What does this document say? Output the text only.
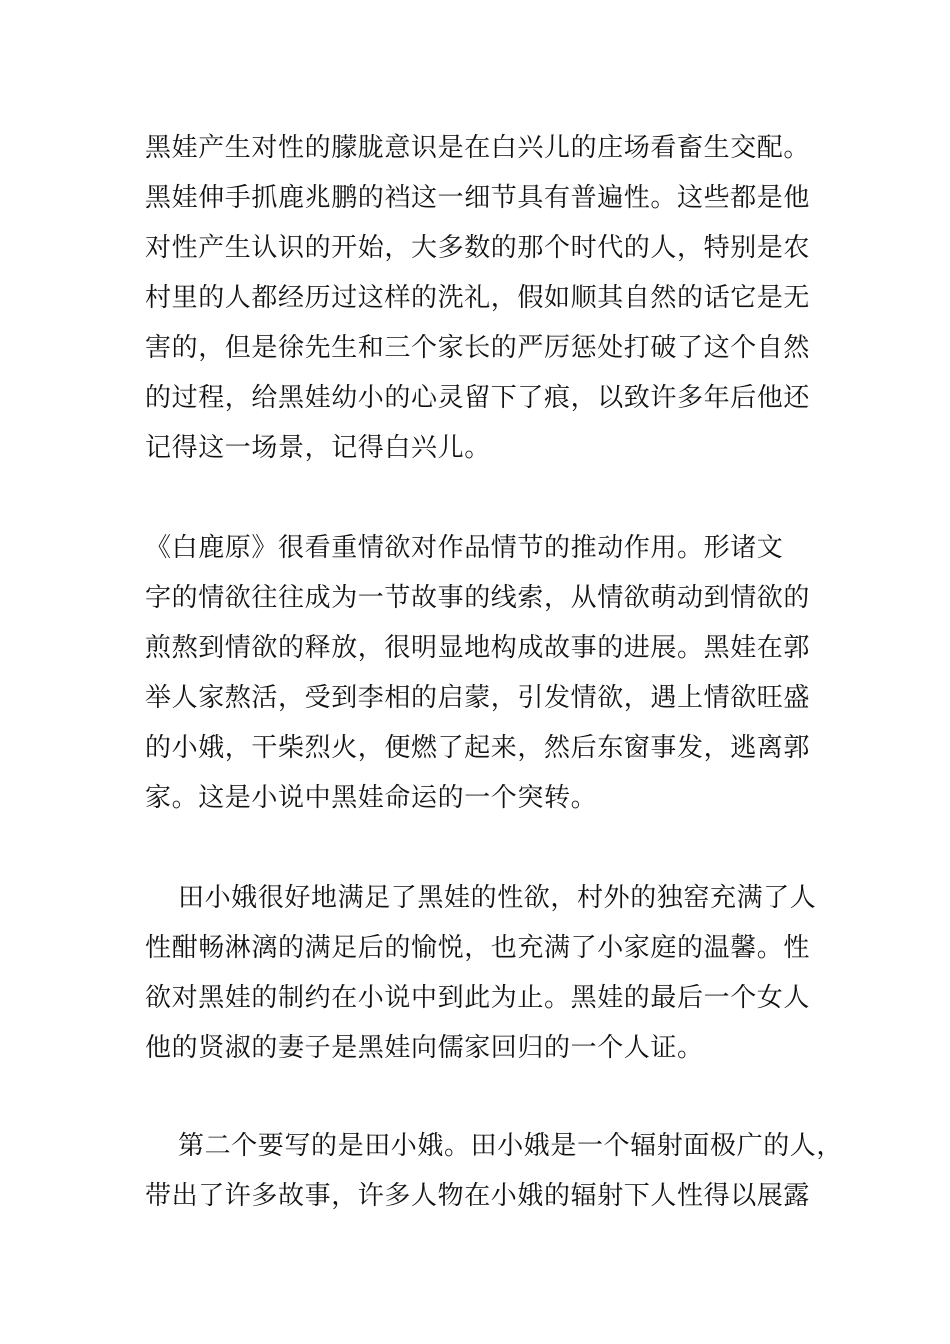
黑娃产生对性的朦胧意识是在白兴儿的庄场看畜生交配。
黑娃伸手抓鹿兆鹏的裆这一细节具有普遍性。这些都是他
对性产生认识的开始，大多数的那个时代的人，特别是农
村里的人都经历过这样的洗礼，假如顺其自然的话它是无
害的，但是徐先生和三个家长的严厉惩处打破了这个自然
的过程，给黑娃幼小的心灵留下了痕，以致许多年后他还
记得这一场景，记得白兴儿。
《白鹿原》很看重情欲对作品情节的推动作用。形诸文
字的情欲往往成为一节故事的线索，从情欲萌动到情欲的
煎熬到情欲的释放，很明显地构成故事的进展。黑娃在郭
举人家熬活，受到李相的启蒙，引发情欲，遇上情欲旺盛
的小娥，干柴烈火，便燃了起来，然后东窗事发，逃离郭
家。这是小说中黑娃命运的一个突转。
田小娥很好地满足了黑娃的性欲，村外的独窑充满了人
性酣畅淋漓的满足后的愉悦，也充满了小家庭的温馨。性
欲对黑娃的制约在小说中到此为止。黑娃的最后一个女人
他的贤淑的妻子是黑娃向儒家回归的一个人证。
第二个要写的是田小娥。田小娥是一个辐射面极广的人，
带出了许多故事，许多人物在小娥的辐射下人性得以展露
